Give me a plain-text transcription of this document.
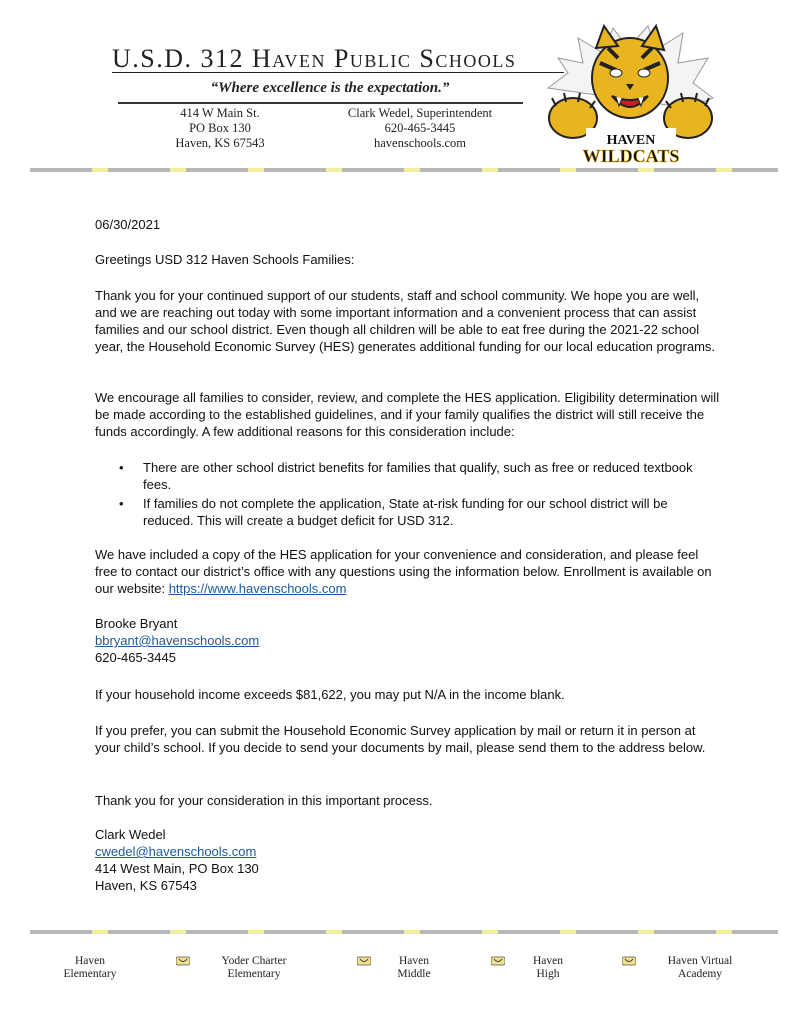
U.S.D. 312 Haven Public Schools
“Where excellence is the expectation.”
414 W Main St.
PO Box 130
Haven, KS 67543
Clark Wedel, Superintendent
620-465-3445
havenschools.com	HAVEN
WILDCATS

06/30/2021

Greetings USD 312 Haven Schools Families:

Thank you for your continued support of our students, staff and school community. We hope you are well, and we are reaching out today with some important information and a convenient process that can assist families and our school district. Even though all children will be able to eat free during the 2021-22 school year, the Household Economic Survey (HES) generates additional funding for our local education programs.

We encourage all families to consider, review, and complete the HES application. Eligibility determination will be made according to the established guidelines, and if your family qualifies the district will still receive the funds accordingly. A few additional reasons for this consideration include:

• There are other school district benefits for families that qualify, such as free or reduced textbook fees.
• If families do not complete the application, State at-risk funding for our school district will be reduced. This will create a budget deficit for USD 312.

We have included a copy of the HES application for your convenience and consideration, and please feel free to contact our district’s office with any questions using the information below. Enrollment is available on our website: https://www.havenschools.com

Brooke Bryant
bbryant@havenschools.com
620-465-3445

If your household income exceeds $81,622, you may put N/A in the income blank.

If you prefer, you can submit the Household Economic Survey application by mail or return it in person at your child’s school. If you decide to send your documents by mail, please send them to the address below.

Thank you for your consideration in this important process.

Clark Wedel
cwedel@havenschools.com
414 West Main, PO Box 130
Haven, KS 67543
Haven
Elementary
Yoder Charter
Elementary
Haven
Middle
Haven
High
Haven Virtual
Academy
